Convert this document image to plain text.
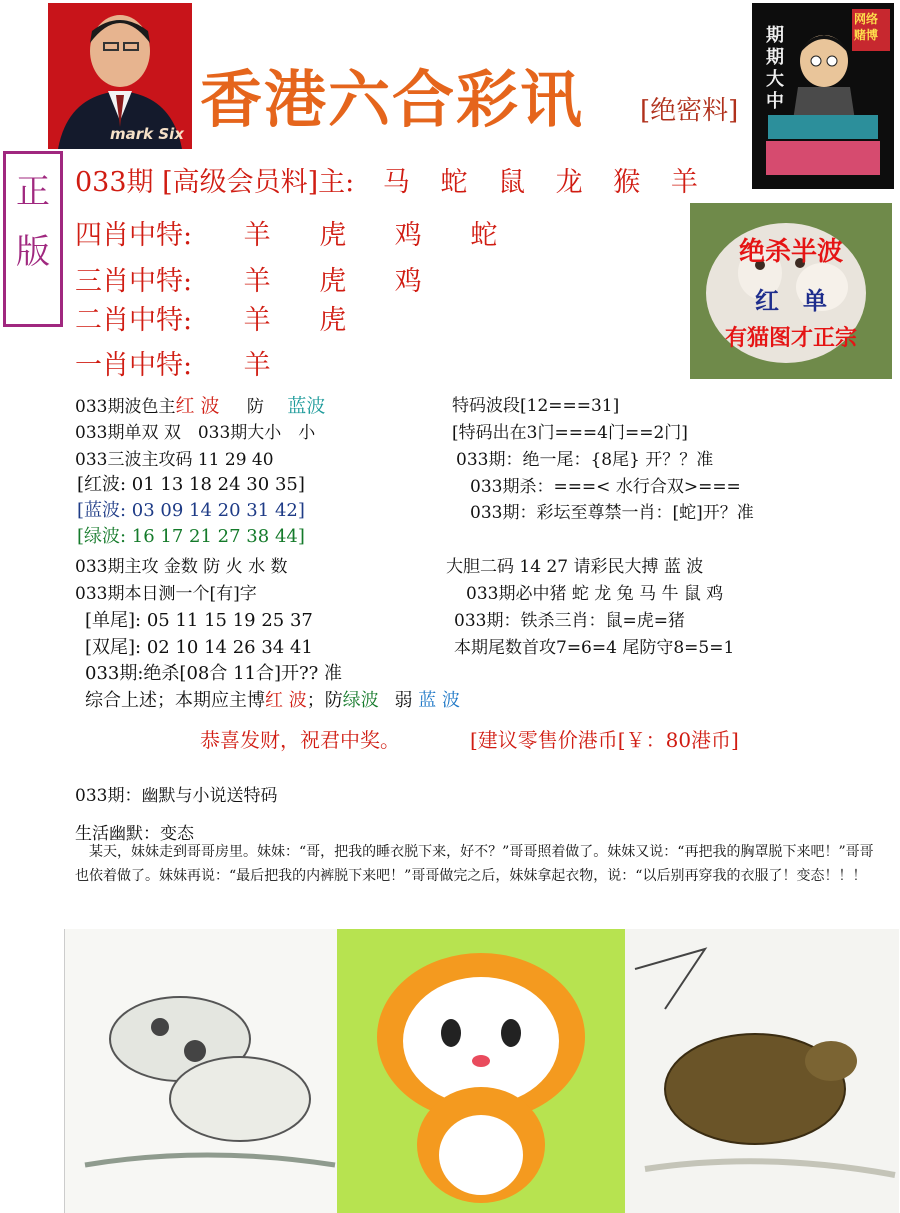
mark Six 香港六合彩讯 [绝密料]
期期大中
网络赌博
正
版
033期 [高级会员料]主: 马 蛇 鼠 龙 猴 羊
四肖中特: 羊 虎 鸡 蛇
三肖中特: 羊 虎 鸡
二肖中特: 羊 虎
一肖中特: 羊
绝杀半波
红　单
有猫图才正宗
033期波色主红 波 防 蓝波
033期单双 双　033期大小　小
033三波主攻码 11 29 40
[红波: 01 13 18 24 30 35]
[蓝波: 03 09 14 20 31 42]
[绿波: 16 17 21 27 38 44]
033期主攻 金数 防 火 水 数
033期本日测一个[有]字
[单尾]: 05 11 15 19 25 37
[双尾]: 02 10 14 26 34 41
033期:绝杀[08合 11合]开?? 准
综合上述；本期应主博红 波；防绿波 弱 蓝 波
特码波段[12===31]
[特码出在3门===4门==2门]
033期：绝一尾：{8尾} 开？？准
033期杀：===< 水行合双>===
033期：彩坛至尊禁一肖：[蛇]开？准
大胆二码 14 27 请彩民大搏 蓝 波
033期必中猪 蛇 龙 兔 马 牛 鼠 鸡
033期：铁杀三肖：鼠=虎=猪
本期尾数首攻7=6=4 尾防守8=5=1
恭喜发财，祝君中奖。	[建议零售价港币[￥：80港币]
033期：幽默与小说送特码
生活幽默：变态
某天，妹妹走到哥哥房里。妹妹：“哥，把我的睡衣脱下来，好不？”哥哥照着做了。妹妹又说：“再把我的胸罩脱下来吧！”哥哥也依着做了。妹妹再说：“最后把我的内裤脱下来吧！”哥哥做完之后，妹妹拿起衣物，说：“以后别再穿我的衣服了！变态！！！
